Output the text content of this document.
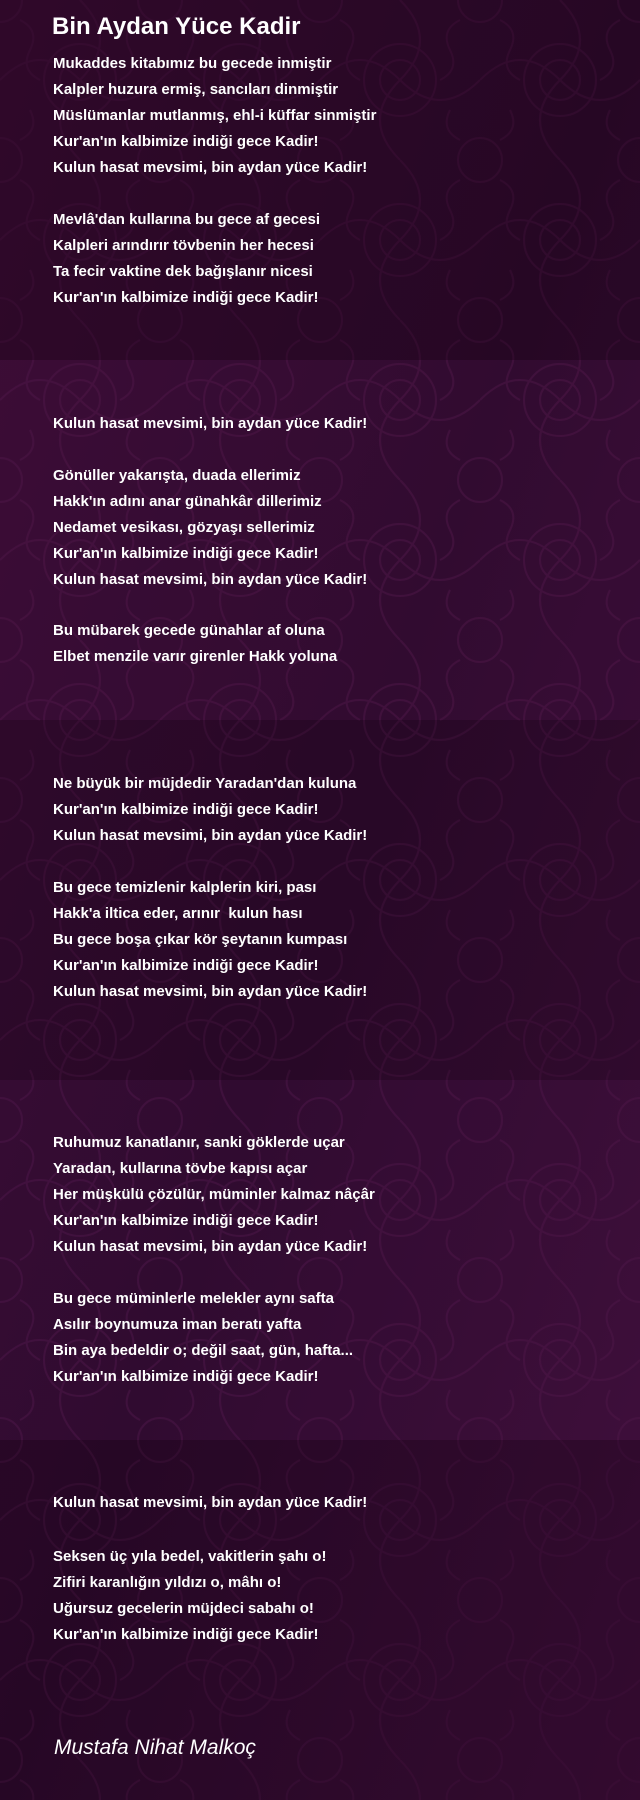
Bin Aydan Yüce Kadir
Mukaddes kitabımız bu gecede inmiştir
Kalpler huzura ermiş, sancıları dinmiştir
Müslümanlar mutlanmış, ehl-i küffar sinmiştir
Kur'an'ın kalbimize indiği gece Kadir!
Kulun hasat mevsimi, bin aydan yüce Kadir!
Mevlâ'dan kullarına bu gece af gecesi
Kalpleri arındırır tövbenin her hecesi
Ta fecir vaktine dek bağışlanır nicesi
Kur'an'ın kalbimize indiği gece Kadir!
Kulun hasat mevsimi, bin aydan yüce Kadir!
Gönüller yakarışta, duada ellerimiz
Hakk'ın adını anar günahkâr dillerimiz
Nedamet vesikası, gözyaşı sellerimiz
Kur'an'ın kalbimize indiği gece Kadir!
Kulun hasat mevsimi, bin aydan yüce Kadir!
Bu mübarek gecede günahlar af oluna
Elbet menzile varır girenler Hakk yoluna
Ne büyük bir müjdedir Yaradan'dan kuluna
Kur'an'ın kalbimize indiği gece Kadir!
Kulun hasat mevsimi, bin aydan yüce Kadir!
Bu gece temizlenir kalplerin kiri, pası
Hakk'a iltica eder, arınır  kulun hası
Bu gece boşa çıkar kör şeytanın kumpası
Kur'an'ın kalbimize indiği gece Kadir!
Kulun hasat mevsimi, bin aydan yüce Kadir!
Ruhumuz kanatlanır, sanki göklerde uçar
Yaradan, kullarına tövbe kapısı açar
Her müşkülü çözülür, müminler kalmaz nâçâr
Kur'an'ın kalbimize indiği gece Kadir!
Kulun hasat mevsimi, bin aydan yüce Kadir!
Bu gece müminlerle melekler aynı safta
Asılır boynumuza iman beratı yafta
Bin aya bedeldir o; değil saat, gün, hafta...
Kur'an'ın kalbimize indiği gece Kadir!
Kulun hasat mevsimi, bin aydan yüce Kadir!
Seksen üç yıla bedel, vakitlerin şahı o!
Zifiri karanlığın yıldızı o, mâhı o!
Uğursuz gecelerin müjdeci sabahı o!
Kur'an'ın kalbimize indiği gece Kadir!

Mustafa Nihat Malkoç
